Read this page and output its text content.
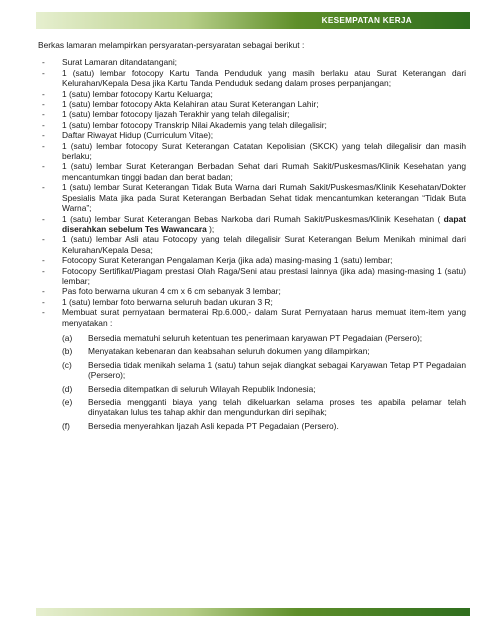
KESEMPATAN KERJA

Berkas lamaran melampirkan persyaratan-persyaratan sebagai berikut :

- Surat Lamaran ditandatangani;
- 1 (satu) lembar fotocopy Kartu Tanda Penduduk yang masih berlaku atau Surat Keterangan dari Kelurahan/Kepala Desa jika Kartu Tanda Penduduk sedang dalam proses perpanjangan;
- 1 (satu) lembar fotocopy Kartu Keluarga;
- 1 (satu) lembar fotocopy Akta Kelahiran atau Surat Keterangan Lahir;
- 1 (satu) lembar fotocopy Ijazah Terakhir yang telah dilegalisir;
- 1 (satu) lembar fotocopy Transkrip Nilai Akademis yang telah dilegalisir;
- Daftar Riwayat Hidup (Curriculum Vitae);
- 1 (satu) lembar fotocopy Surat Keterangan Catatan Kepolisian (SKCK) yang telah dilegalisir dan masih berlaku;
- 1 (satu) lembar Surat Keterangan Berbadan Sehat dari Rumah Sakit/Puskesmas/Klinik Kesehatan yang mencantumkan tinggi badan dan berat badan;
- 1 (satu) lembar Surat Keterangan Tidak Buta Warna dari Rumah Sakit/Puskesmas/Klinik Kesehatan/Dokter Spesialis Mata jika pada Surat Keterangan Berbadan Sehat tidak mencantumkan keterangan “Tidak Buta Warna”;
- 1 (satu) lembar Surat Keterangan Bebas Narkoba dari Rumah Sakit/Puskesmas/Klinik Kesehatan ( dapat diserahkan sebelum Tes Wawancara );
- 1 (satu) lembar Asli atau Fotocopy yang telah dilegalisir Surat Keterangan Belum Menikah minimal dari Kelurahan/Kepala Desa;
- Fotocopy Surat Keterangan Pengalaman Kerja (jika ada) masing-masing 1 (satu) lembar;
- Fotocopy Sertifikat/Piagam prestasi Olah Raga/Seni atau prestasi lainnya (jika ada) masing-masing 1 (satu) lembar;
- Pas foto berwarna ukuran 4 cm x 6 cm sebanyak 3 lembar;
- 1 (satu) lembar foto berwarna seluruh badan ukuran 3 R;
- Membuat surat pernyataan bermaterai Rp.6.000,- dalam Surat Pernyataan harus memuat item-item yang menyatakan :
(a) Bersedia mematuhi seluruh ketentuan tes penerimaan karyawan PT Pegadaian (Persero);
(b) Menyatakan kebenaran dan keabsahan seluruh dokumen yang dilampirkan;
(c) Bersedia tidak menikah selama 1 (satu) tahun sejak diangkat sebagai Karyawan Tetap PT Pegadaian (Persero);
(d) Bersedia ditempatkan di seluruh Wilayah Republik Indonesia;
(e) Bersedia mengganti biaya yang telah dikeluarkan selama proses tes apabila pelamar telah dinyatakan lulus tes tahap akhir dan mengundurkan diri sepihak;
(f) Bersedia menyerahkan Ijazah Asli kepada PT Pegadaian (Persero).
